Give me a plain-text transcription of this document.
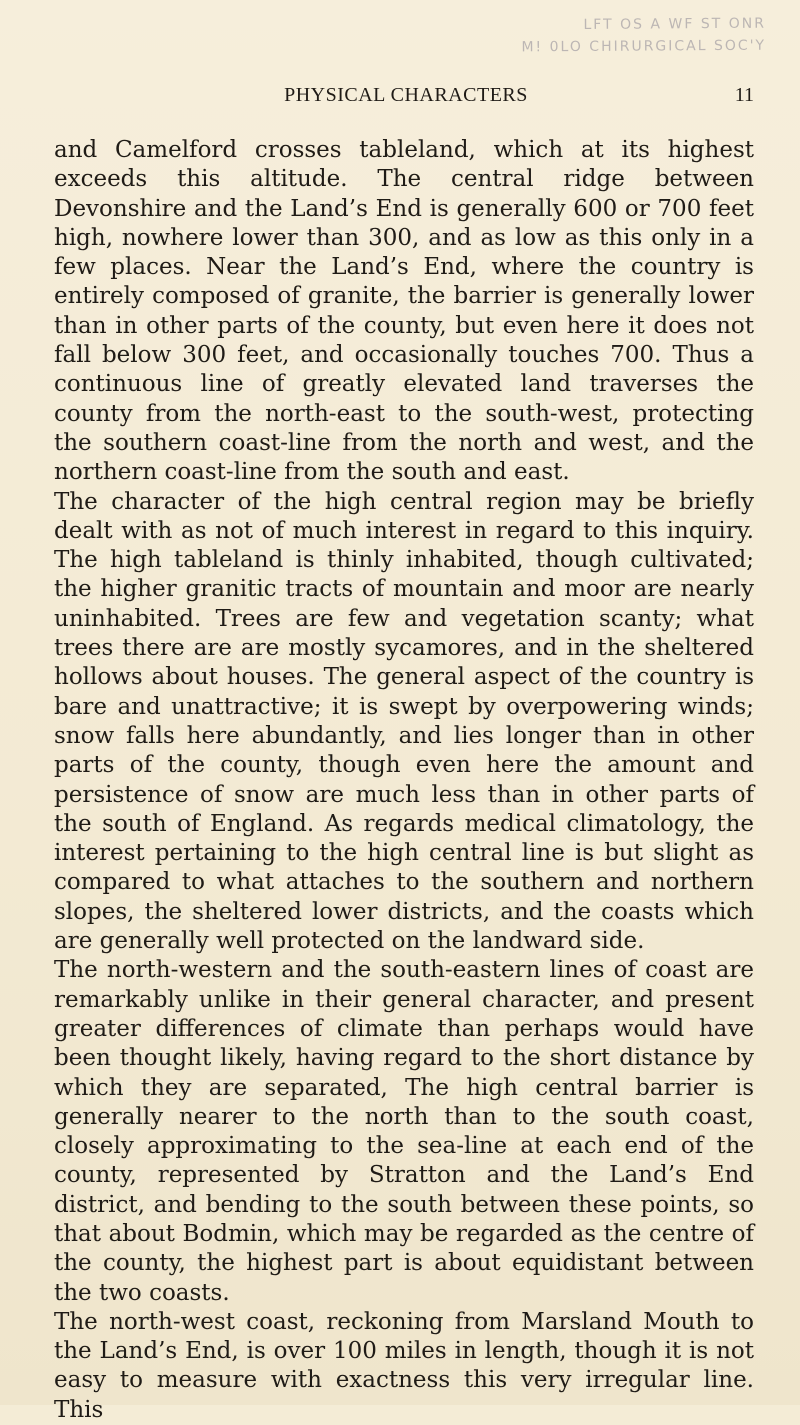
LFT OS A WF ST ONR
M! 0LO CHIRURGICAL SOC'Y
PHYSICAL CHARACTERS	11

and Camelford crosses tableland, which at its highest exceeds this altitude. The central ridge between Devonshire and the Land’s End is generally 600 or 700 feet high, nowhere lower than 300, and as low as this only in a few places. Near the Land’s End, where the country is entirely composed of granite, the barrier is generally lower than in other parts of the county, but even here it does not fall below 300 feet, and occasionally touches 700. Thus a continuous line of greatly elevated land traverses the county from the north-east to the south-west, protecting the southern coast-line from the north and west, and the northern coast-line from the south and east.

The character of the high central region may be briefly dealt with as not of much interest in regard to this inquiry. The high tableland is thinly inhabited, though cultivated; the higher granitic tracts of mountain and moor are nearly uninhabited. Trees are few and vegetation scanty; what trees there are are mostly sycamores, and in the sheltered hollows about houses. The general aspect of the country is bare and unattractive; it is swept by overpowering winds; snow falls here abundantly, and lies longer than in other parts of the county, though even here the amount and persistence of snow are much less than in other parts of the south of England. As regards medical climatology, the interest pertaining to the high central line is but slight as compared to what attaches to the southern and northern slopes, the sheltered lower districts, and the coasts which are generally well protected on the landward side.

The north-western and the south-eastern lines of coast are remarkably unlike in their general character, and present greater differences of climate than perhaps would have been thought likely, having regard to the short distance by which they are separated, The high central barrier is generally nearer to the north than to the south coast, closely approximating to the sea-line at each end of the county, represented by Stratton and the Land’s End district, and bending to the south between these points, so that about Bodmin, which may be regarded as the centre of the county, the highest part is about equidistant between the two coasts.

The north-west coast, reckoning from Marsland Mouth to the Land’s End, is over 100 miles in length, though it is not easy to measure with exactness this very irregular line. This
